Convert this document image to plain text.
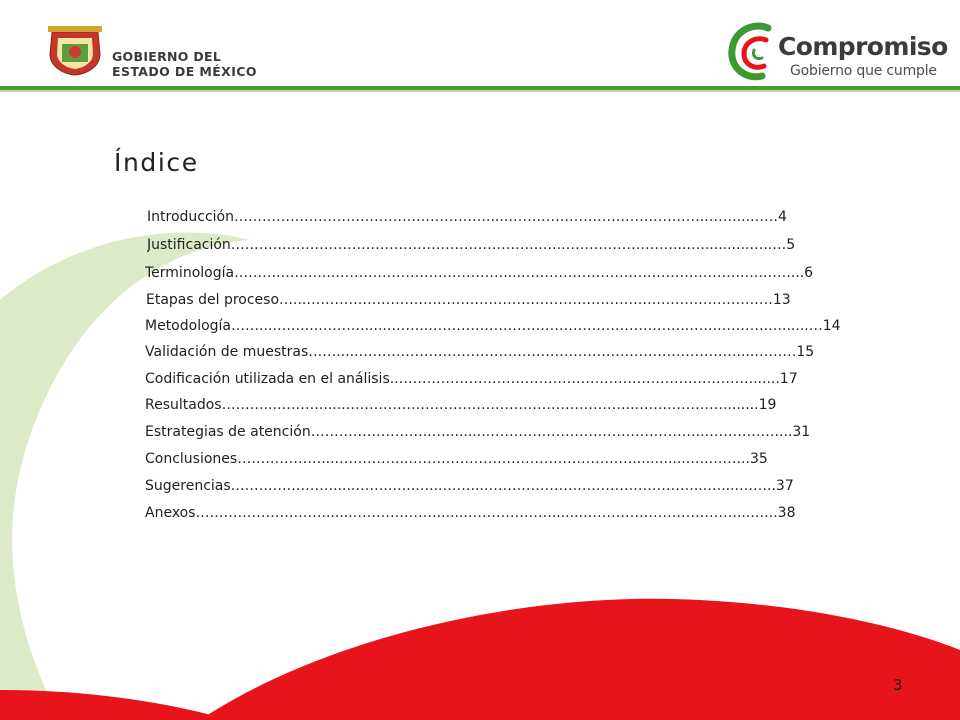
GOBIERNO DEL
ESTADO DE MÉXICO
Compromiso
Gobierno que cumple
Índice
Introducción………………………………………………....……………………………………..……...……4
Justificación……….….…………………………………………….…..……………………...…...........…..…5
Terminología……….…...…...………………………………....……………………….……………….…..……...6
Etapas del proceso…...………………………………………………………………….……………………13
Metodología……...….…...……….......……..……………………………………………….……..……….…......…14
Validación de muestras…….....………………………………………………………………………....………15
Codificación utilizada en el análisis..………………………………………………………………….......17
Resultados………...………......……………………………………………………..…….…………........19
Estrategias de atención……………………..….........………………………………………..……………....31
Conclusiones………………....…………...………………………………………….............…..……..35
Sugerencias………….……….....…….…...…...……...………………………………………...…....……..37
Anexos……………………….......……………….......……………….......……………………………....…..38
3
